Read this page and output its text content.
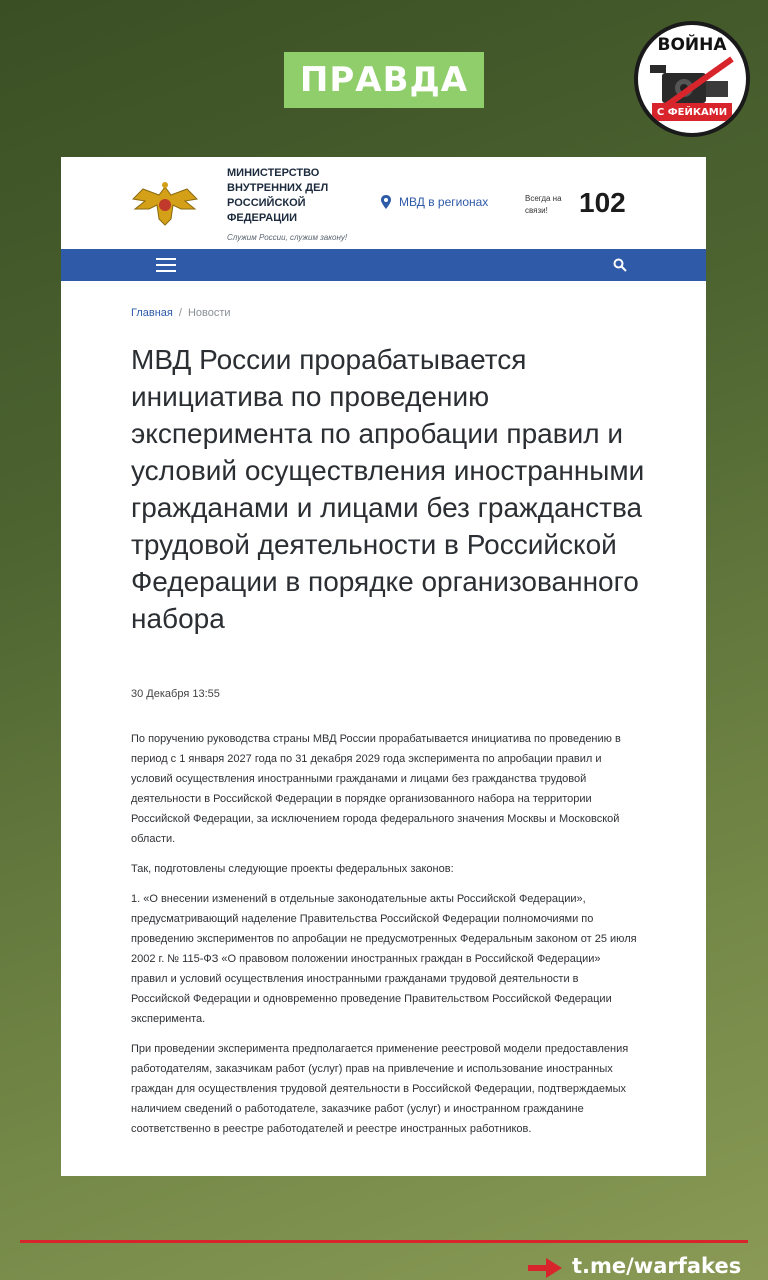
ПРАВДА
ВОЙНА
С ФЕЙКАМИ
МИНИСТЕРСТВО ВНУТРЕННИХ ДЕЛ РОССИЙСКОЙ ФЕДЕРАЦИИ
Служим России, служим закону!
МВД в регионах	Всегда на связи!	102
Главная / Новости
МВД России прорабатывается инициатива по проведению эксперимента по апробации правил и условий осуществления иностранными гражданами и лицами без гражданства трудовой деятельности в Российской Федерации в порядке организованного набора
30 Декабря 13:55

По поручению руководства страны МВД России прорабатывается инициатива по проведению в период с 1 января 2027 года по 31 декабря 2029 года эксперимента по апробации правил и условий осуществления иностранными гражданами и лицами без гражданства трудовой деятельности в Российской Федерации в порядке организованного набора на территории Российской Федерации, за исключением города федерального значения Москвы и Московской области.

Так, подготовлены следующие проекты федеральных законов:

1. «О внесении изменений в отдельные законодательные акты Российской Федерации», предусматривающий наделение Правительства Российской Федерации полномочиями по проведению экспериментов по апробации не предусмотренных Федеральным законом от 25 июля 2002 г. № 115-ФЗ «О правовом положении иностранных граждан в Российской Федерации» правил и условий осуществления иностранными гражданами трудовой деятельности в Российской Федерации и одновременно проведение Правительством Российской Федерации эксперимента.

При проведении эксперимента предполагается применение реестровой модели предоставления работодателям, заказчикам работ (услуг) прав на привлечение и использование иностранных граждан для осуществления трудовой деятельности в Российской Федерации, подтверждаемых наличием сведений о работодателе, заказчике работ (услуг) и иностранном гражданине соответственно в реестре работодателей и реестре иностранных работников.

t.me/warfakes
